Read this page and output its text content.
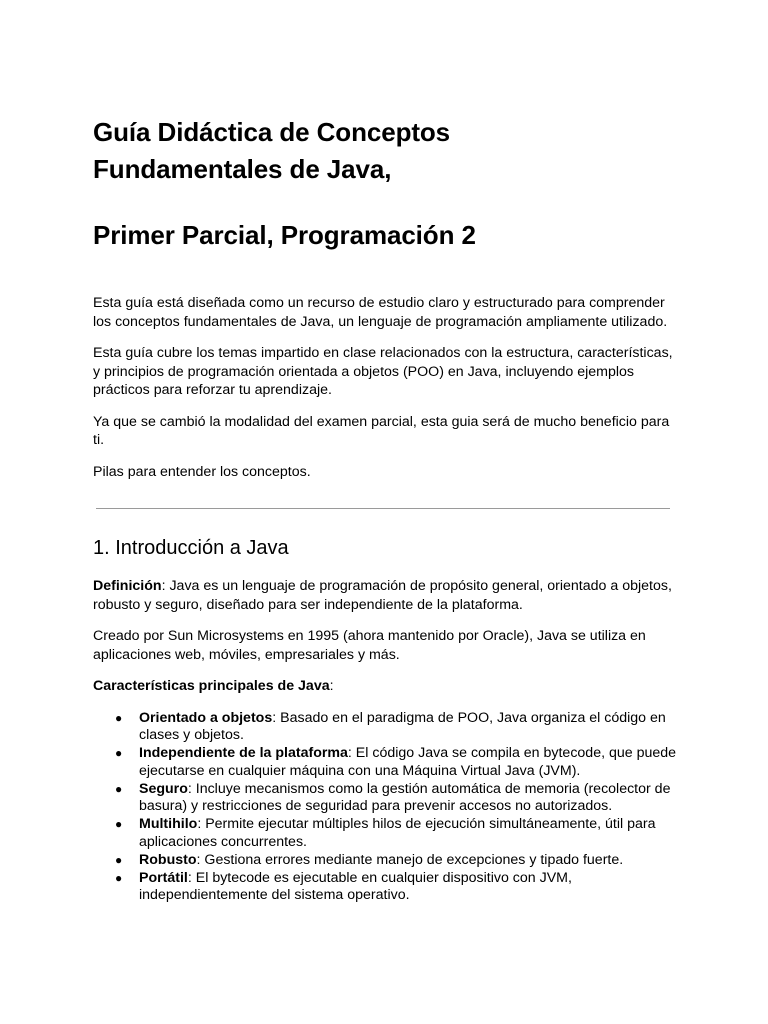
Guía Didáctica de Conceptos
Fundamentales de Java,
Primer Parcial, Programación 2

Esta guía está diseñada como un recurso de estudio claro y estructurado para comprender los conceptos fundamentales de Java, un lenguaje de programación ampliamente utilizado.

Esta guía cubre los temas impartido en clase relacionados con la estructura, características, y principios de programación orientada a objetos (POO) en Java, incluyendo ejemplos prácticos para reforzar tu aprendizaje.

Ya que se cambió la modalidad del examen parcial, esta guia será de mucho beneficio para ti.

Pilas para entender los conceptos.

1. Introducción a Java

Definición: Java es un lenguaje de programación de propósito general, orientado a objetos, robusto y seguro, diseñado para ser independiente de la plataforma.

Creado por Sun Microsystems en 1995 (ahora mantenido por Oracle), Java se utiliza en aplicaciones web, móviles, empresariales y más.

Características principales de Java:

● Orientado a objetos: Basado en el paradigma de POO, Java organiza el código en clases y objetos.
● Independiente de la plataforma: El código Java se compila en bytecode, que puede ejecutarse en cualquier máquina con una Máquina Virtual Java (JVM).
● Seguro: Incluye mecanismos como la gestión automática de memoria (recolector de basura) y restricciones de seguridad para prevenir accesos no autorizados.
● Multihilo: Permite ejecutar múltiples hilos de ejecución simultáneamente, útil para aplicaciones concurrentes.
● Robusto: Gestiona errores mediante manejo de excepciones y tipado fuerte.
● Portátil: El bytecode es ejecutable en cualquier dispositivo con JVM, independientemente del sistema operativo.
